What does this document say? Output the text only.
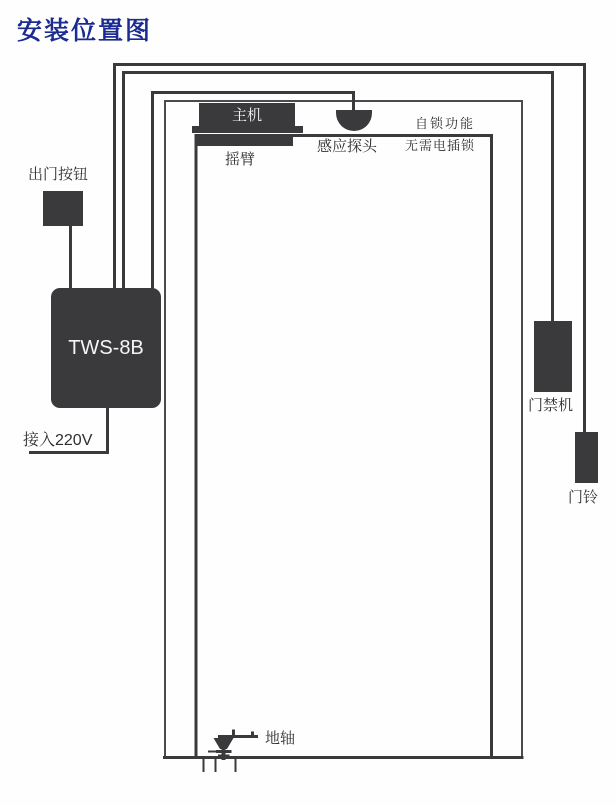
安装位置图
TWS-8B
主机
出门按钮
接入220V
摇臂
感应探头
自锁功能
无需电插锁
门禁机
门铃
地轴
